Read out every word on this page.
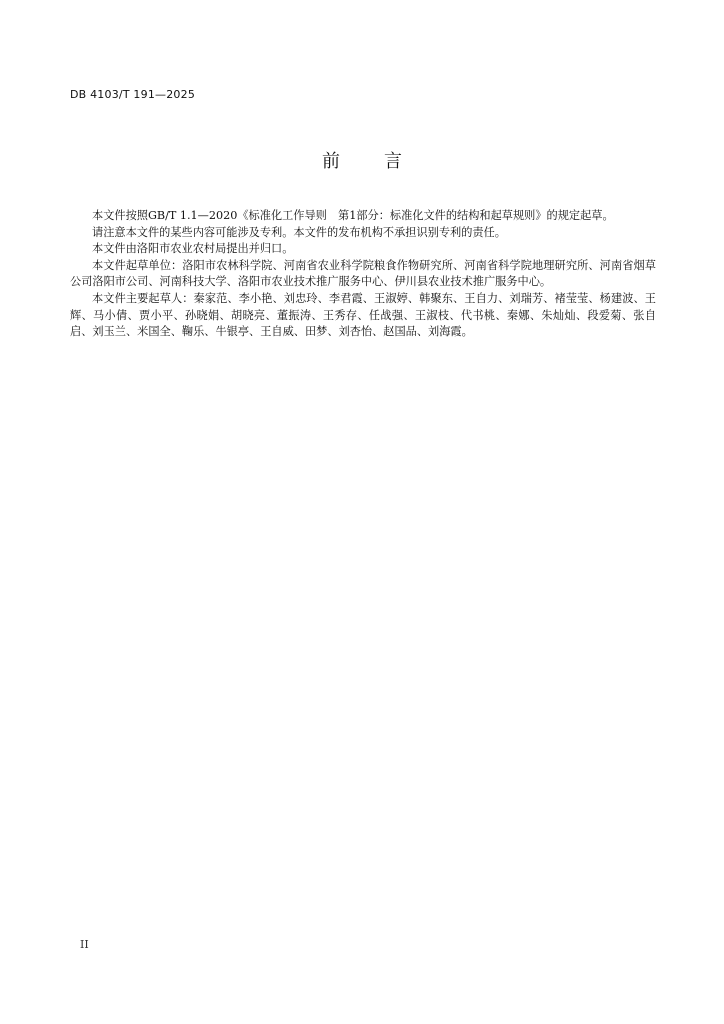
DB 4103/T 191—2025
前言

本文件按照GB/T 1.1—2020《标准化工作导则　第1部分：标准化文件的结构和起草规则》的规定起草。

请注意本文件的某些内容可能涉及专利。本文件的发布机构不承担识别专利的责任。

本文件由洛阳市农业农村局提出并归口。

本文件起草单位：洛阳市农林科学院、河南省农业科学院粮食作物研究所、河南省科学院地理研究所、河南省烟草公司洛阳市公司、河南科技大学、洛阳市农业技术推广服务中心、伊川县农业技术推广服务中心。

本文件主要起草人：秦家范、李小艳、刘忠玲、李君霞、王淑婷、韩聚东、王自力、刘瑞芳、褚莹莹、杨建波、王辉、马小倩、贾小平、孙晓娟、胡晓亮、董振涛、王秀存、任战强、王淑枝、代书桃、秦娜、朱灿灿、段爱菊、张自启、刘玉兰、米国全、鞠乐、牛银亭、王自威、田梦、刘杏怡、赵国品、刘海霞。

II
